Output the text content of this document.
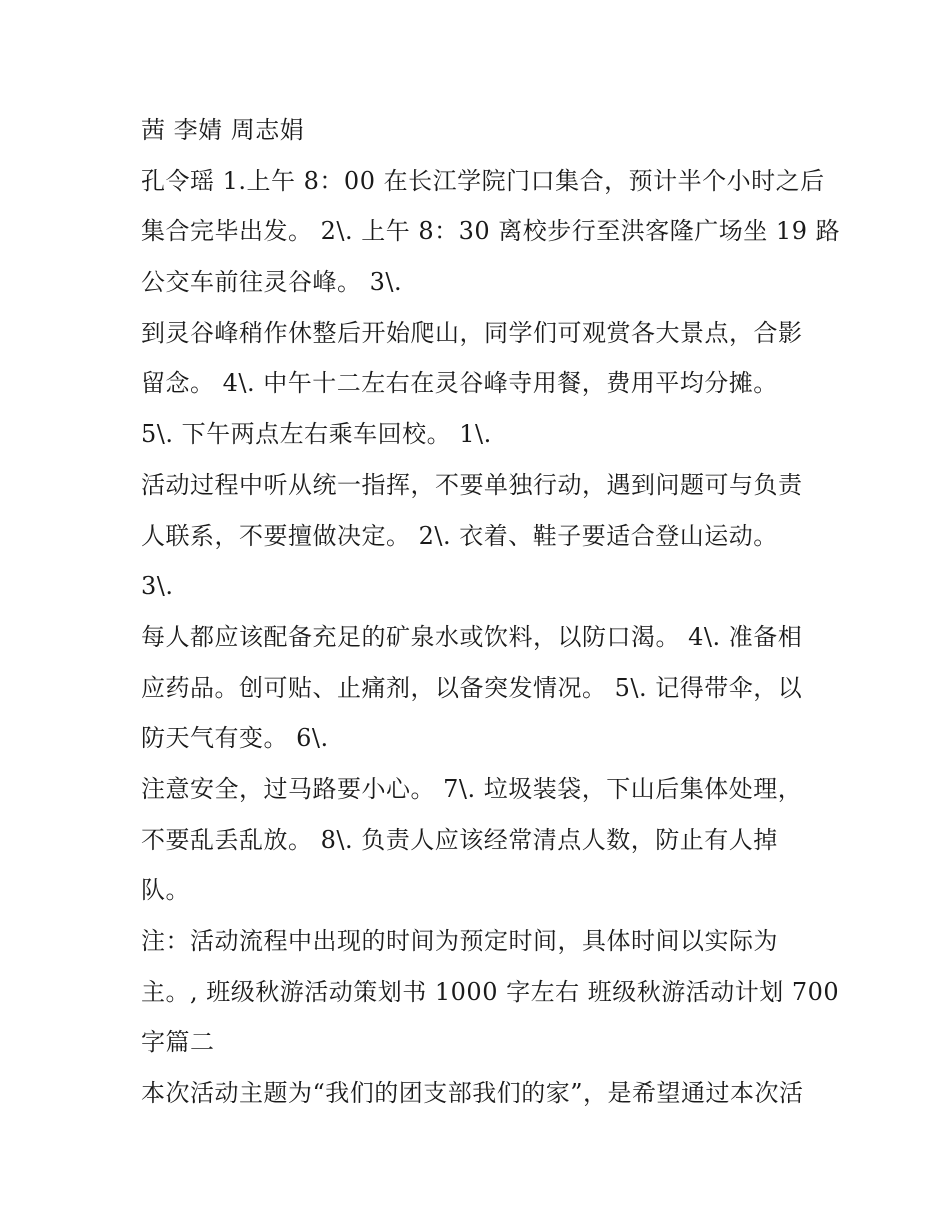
茜 李婧 周志娟
孔令瑶 1.上午 8：00 在长江学院门口集合，预计半个小时之后
集合完毕出发。 2\. 上午 8：30 离校步行至洪客隆广场坐 19 路
公交车前往灵谷峰。 3\.
到灵谷峰稍作休整后开始爬山，同学们可观赏各大景点，合影
留念。 4\. 中午十二左右在灵谷峰寺用餐，费用平均分摊。
5\. 下午两点左右乘车回校。 1\.
活动过程中听从统一指挥，不要单独行动，遇到问题可与负责
人联系，不要擅做决定。 2\. 衣着、鞋子要适合登山运动。
3\.
每人都应该配备充足的矿泉水或饮料，以防口渴。 4\. 准备相
应药品。创可贴、止痛剂，以备突发情况。 5\. 记得带伞，以
防天气有变。 6\.
注意安全，过马路要小心。 7\. 垃圾装袋，下山后集体处理，
不要乱丢乱放。 8\. 负责人应该经常清点人数，防止有人掉
队。
注：活动流程中出现的时间为预定时间，具体时间以实际为
主。, 班级秋游活动策划书 1000 字左右 班级秋游活动计划 700
字篇二
本次活动主题为“我们的团支部我们的家”，是希望通过本次活
